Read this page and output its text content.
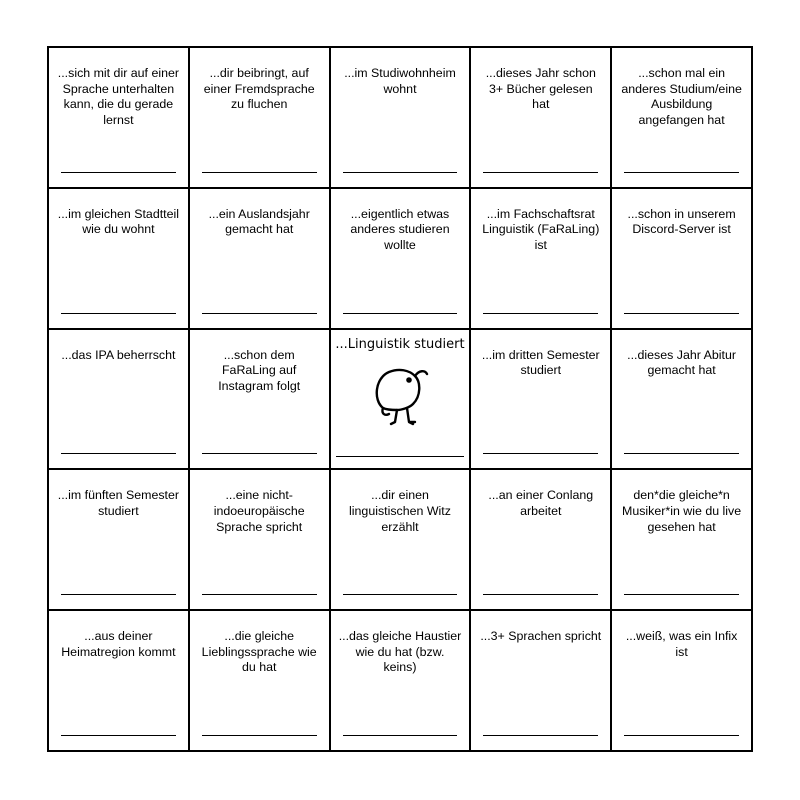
...sich mit dir auf einer Sprache unterhalten kann, die du gerade lernst
...dir beibringt, auf einer Fremdsprache zu fluchen
...im Studiwohnheim wohnt
...dieses Jahr schon 3+ Bücher gelesen hat
...schon mal ein anderes Studium/eine Ausbildung angefangen hat
...im gleichen Stadtteil wie du wohnt
...ein Auslandsjahr gemacht hat
...eigentlich etwas anderes studieren wollte
...im Fachschaftsrat Linguistik (FaRaLing) ist
...schon in unserem Discord-Server ist
...das IPA beherrscht	...schon dem FaRaLing auf Instagram folgt
...Linguistik studiert
...im dritten Semester studiert
...dieses Jahr Abitur gemacht hat
...im fünften Semester studiert
...eine nicht-indoeuropäische Sprache spricht
...dir einen linguistischen Witz erzählt
...an einer Conlang arbeitet
den*die gleiche*n Musiker*in wie du live gesehen hat
...aus deiner Heimatregion kommt
...die gleiche Lieblingssprache wie du hat
...das gleiche Haustier wie du hat (bzw. keins)
...3+ Sprachen spricht	...weiß, was ein Infix ist
